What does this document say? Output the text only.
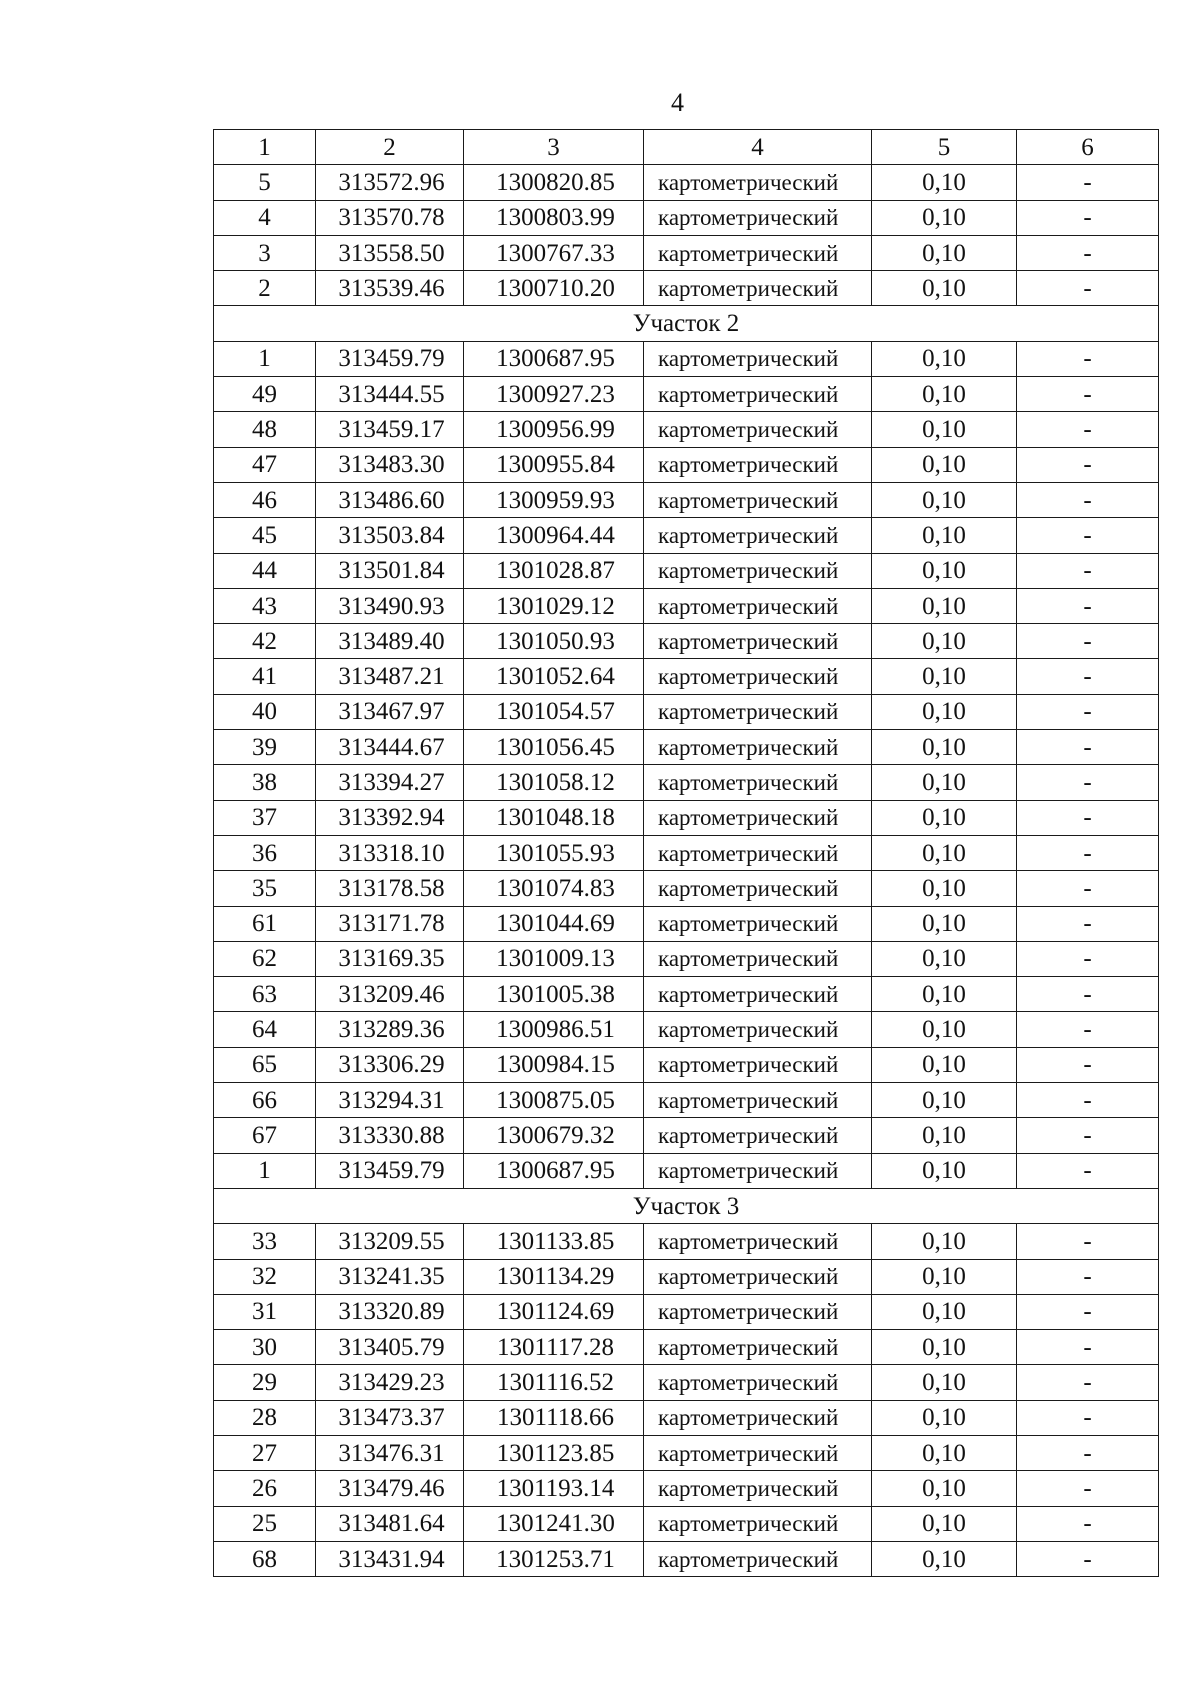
4
1	2	3	4	5	6
5	313572.96	1300820.85	картометрический	0,10	-
4	313570.78	1300803.99	картометрический	0,10	-
3	313558.50	1300767.33	картометрический	0,10	-
2	313539.46	1300710.20	картометрический	0,10	-
Участок 2					
1	313459.79	1300687.95	картометрический	0,10	-
49	313444.55	1300927.23	картометрический	0,10	-
48	313459.17	1300956.99	картометрический	0,10	-
47	313483.30	1300955.84	картометрический	0,10	-
46	313486.60	1300959.93	картометрический	0,10	-
45	313503.84	1300964.44	картометрический	0,10	-
44	313501.84	1301028.87	картометрический	0,10	-
43	313490.93	1301029.12	картометрический	0,10	-
42	313489.40	1301050.93	картометрический	0,10	-
41	313487.21	1301052.64	картометрический	0,10	-
40	313467.97	1301054.57	картометрический	0,10	-
39	313444.67	1301056.45	картометрический	0,10	-
38	313394.27	1301058.12	картометрический	0,10	-
37	313392.94	1301048.18	картометрический	0,10	-
36	313318.10	1301055.93	картометрический	0,10	-
35	313178.58	1301074.83	картометрический	0,10	-
61	313171.78	1301044.69	картометрический	0,10	-
62	313169.35	1301009.13	картометрический	0,10	-
63	313209.46	1301005.38	картометрический	0,10	-
64	313289.36	1300986.51	картометрический	0,10	-
65	313306.29	1300984.15	картометрический	0,10	-
66	313294.31	1300875.05	картометрический	0,10	-
67	313330.88	1300679.32	картометрический	0,10	-
1	313459.79	1300687.95	картометрический	0,10	-
Участок 3					
33	313209.55	1301133.85	картометрический	0,10	-
32	313241.35	1301134.29	картометрический	0,10	-
31	313320.89	1301124.69	картометрический	0,10	-
30	313405.79	1301117.28	картометрический	0,10	-
29	313429.23	1301116.52	картометрический	0,10	-
28	313473.37	1301118.66	картометрический	0,10	-
27	313476.31	1301123.85	картометрический	0,10	-
26	313479.46	1301193.14	картометрический	0,10	-
25	313481.64	1301241.30	картометрический	0,10	-
68	313431.94	1301253.71	картометрический	0,10	-
